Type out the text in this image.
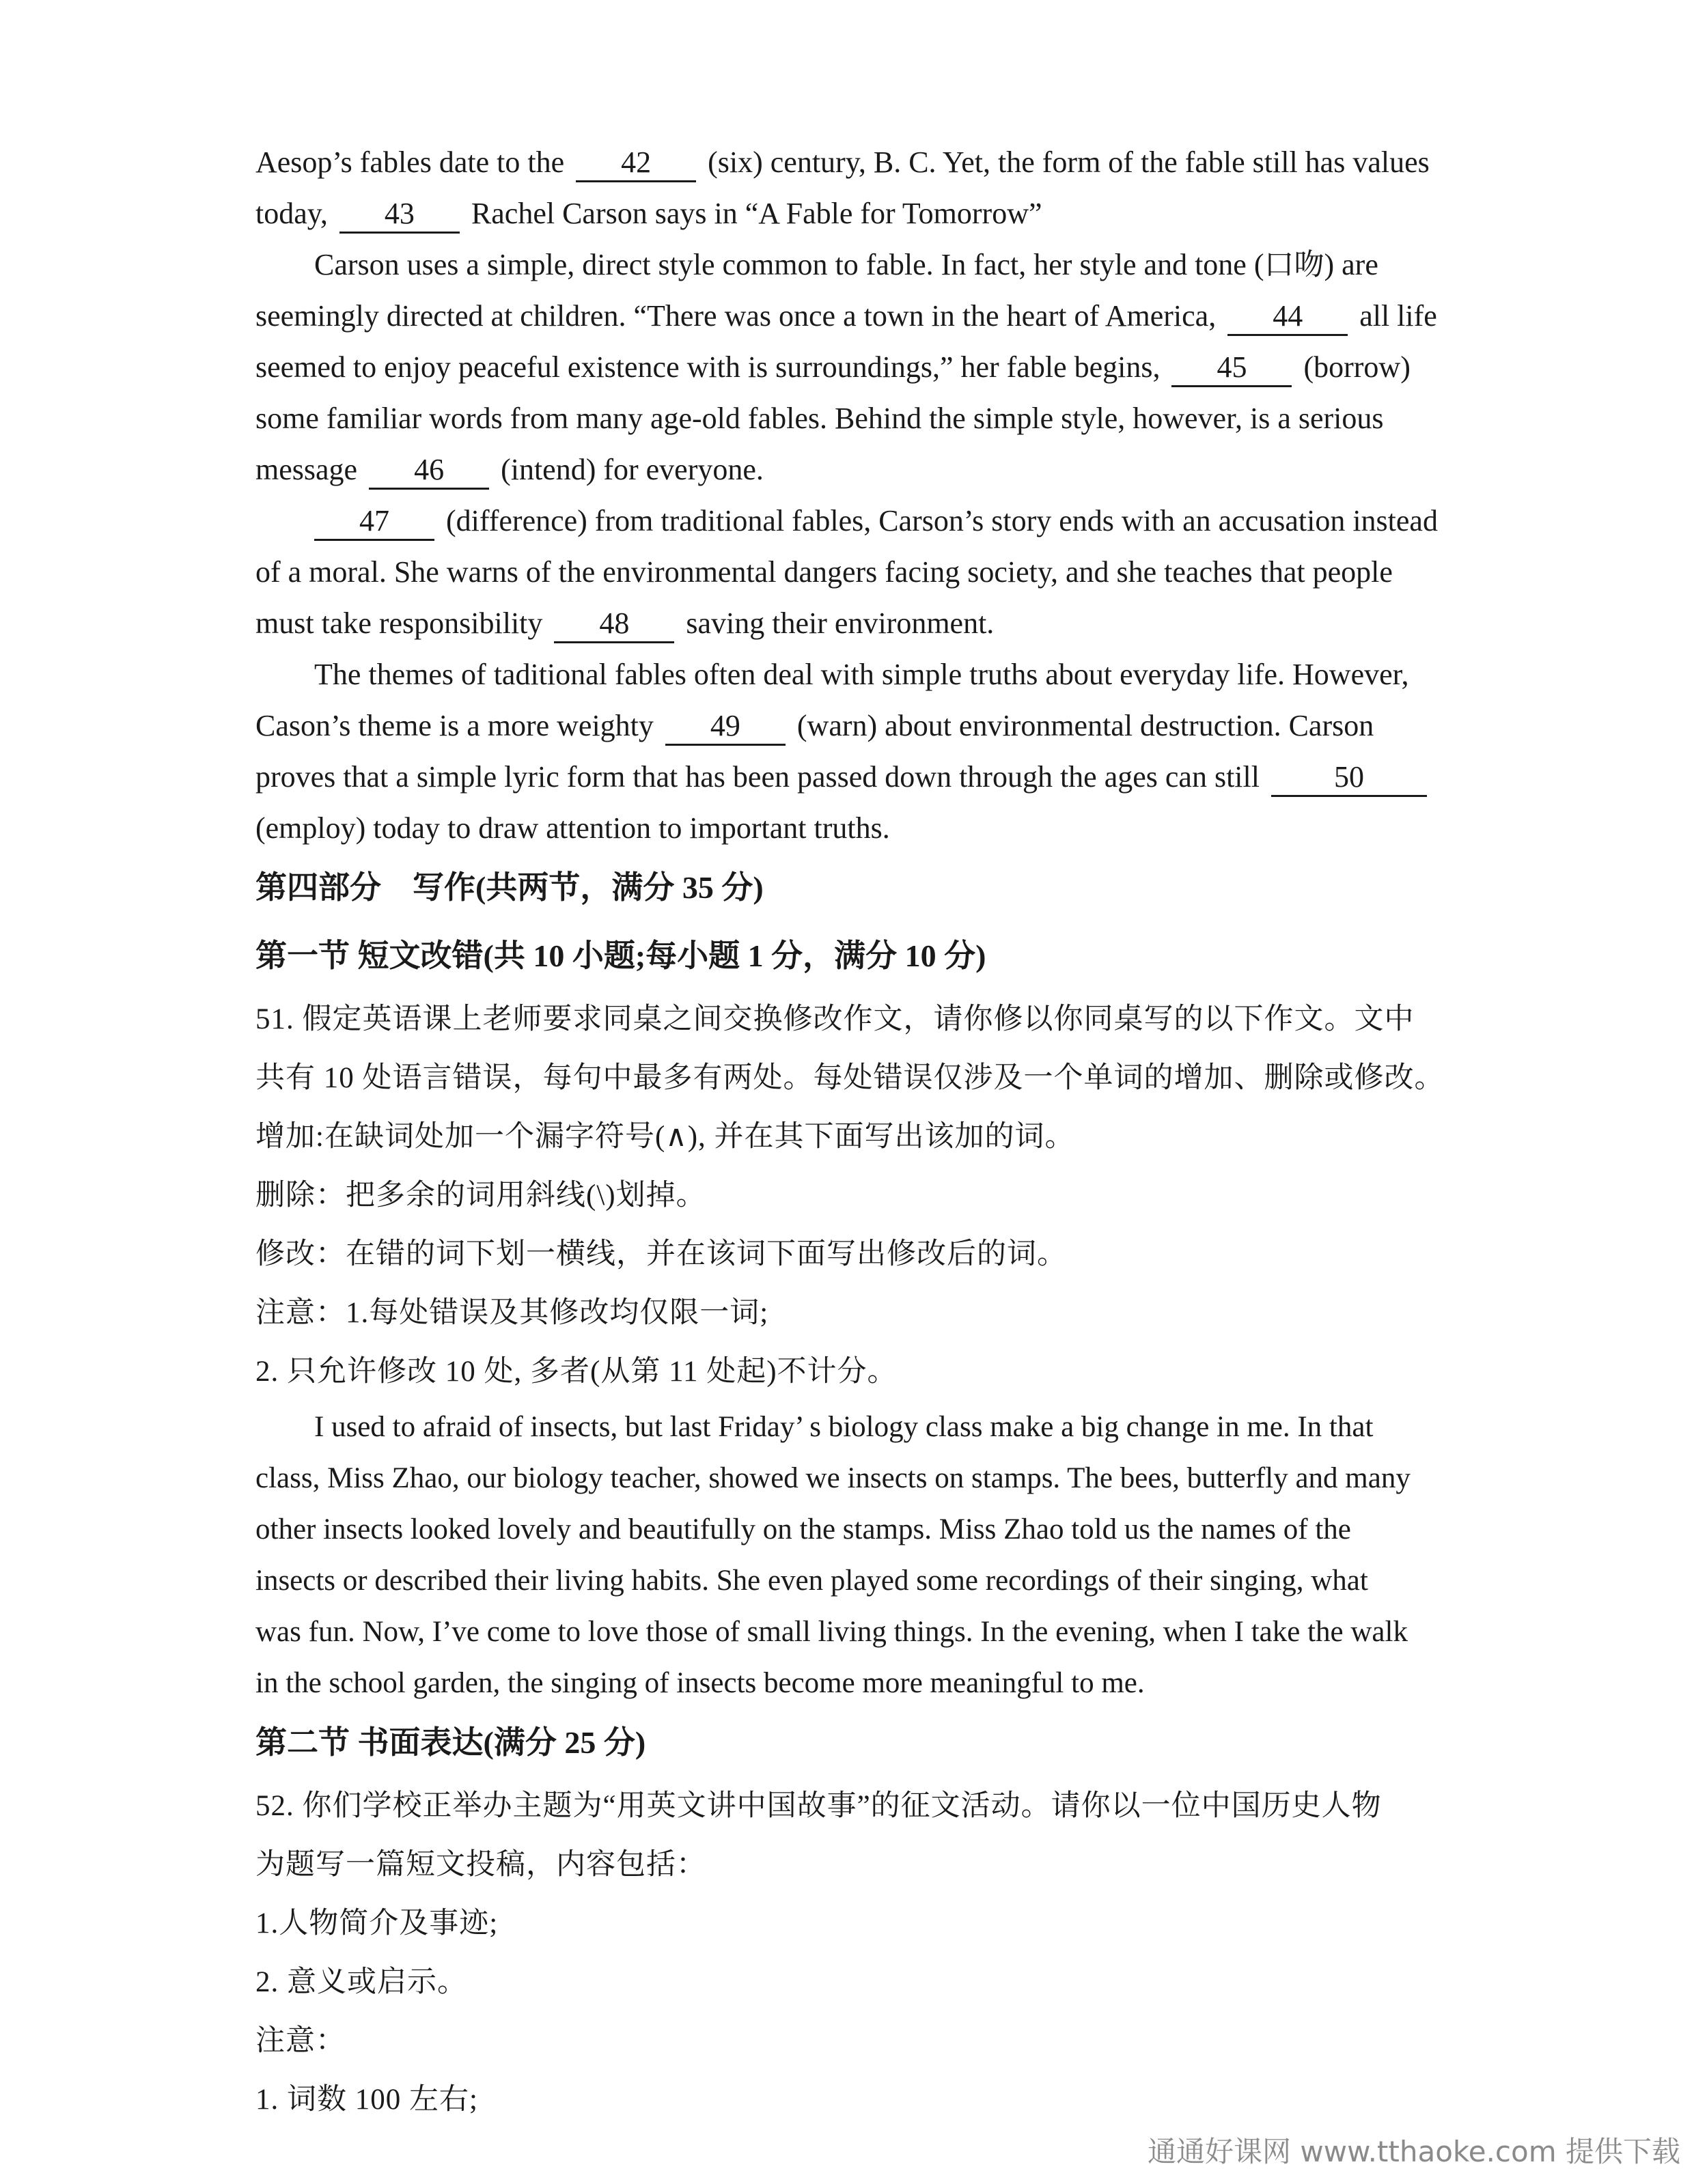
Aesop’s fables date to the 42 (six) century, B. C. Yet, the form of the fable still has values
today, 43 Rachel Carson says in “A Fable for Tomorrow”
Carson uses a simple, direct style common to fable. In fact, her style and tone (口吻) are
seemingly directed at children. “There was once a town in the heart of America, 44 all life
seemed to enjoy peaceful existence with is surroundings,” her fable begins, 45 (borrow)
some familiar words from many age-old fables. Behind the simple style, however, is a serious
message 46 (intend) for everyone.
47 (difference) from traditional fables, Carson’s story ends with an accusation instead
of a moral. She warns of the environmental dangers facing society, and she teaches that people
must take responsibility 48 saving their environment.
The themes of taditional fables often deal with simple truths about everyday life. However,
Cason’s theme is a more weighty 49 (warn) about environmental destruction. Carson
proves that a simple lyric form that has been passed down through the ages can still 50
(employ) today to draw attention to important truths.
第四部分　写作(共两节，满分 35 分)
第一节 短文改错(共 10 小题;每小题 1 分，满分 10 分)
51. 假定英语课上老师要求同桌之间交换修改作文，请你修以你同桌写的以下作文。文中
共有 10 处语言错误，每句中最多有两处。每处错误仅涉及一个单词的增加、删除或修改。
增加:在缺词处加一个漏字符号(∧), 并在其下面写出该加的词。
删除：把多余的词用斜线(\)划掉。
修改：在错的词下划一横线，并在该词下面写出修改后的词。
注意：1.每处错误及其修改均仅限一词;
2. 只允许修改 10 处, 多者(从第 11 处起)不计分。
I used to afraid of insects, but last Friday’ s biology class make a big change in me. In that
class, Miss Zhao, our biology teacher, showed we insects on stamps. The bees, butterfly and many
other insects looked lovely and beautifully on the stamps. Miss Zhao told us the names of the
insects or described their living habits. She even played some recordings of their singing, what
was fun. Now, I’ve come to love those of small living things. In the evening, when I take the walk
in the school garden, the singing of insects become more meaningful to me.
第二节 书面表达(满分 25 分)
52. 你们学校正举办主题为“用英文讲中国故事”的征文活动。请你以一位中国历史人物
为题写一篇短文投稿，内容包括：
1.人物简介及事迹;
2. 意义或启示。
注意：
1. 词数 100 左右;
通通好课网 www.tthaoke.com 提供下载
